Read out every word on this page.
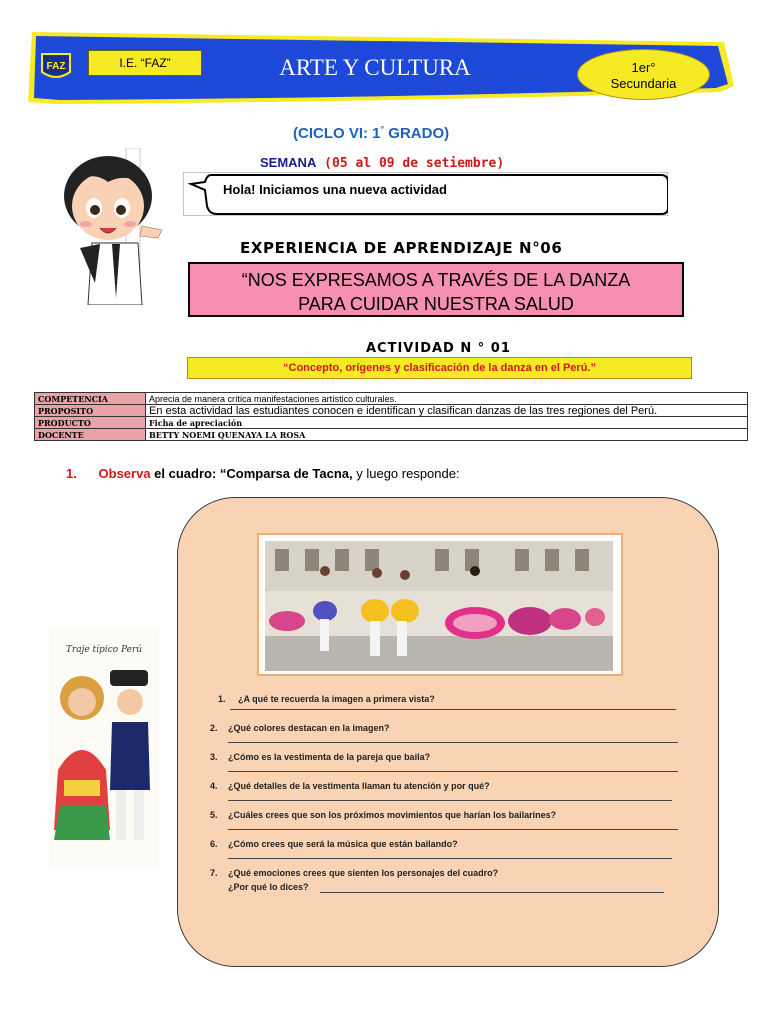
FAZ	I.E. “FAZ”	ARTE Y CULTURA	1er°
Secundaria
(CICLO VI: 1° GRADO)
SEMANA (05 al 09 de setiembre)
Hola! Iniciamos una nueva actividad
EXPERIENCIA DE APRENDIZAJE N°06
“NOS EXPRESAMOS A TRAVÉS DE LA DANZA
PARA CUIDAR NUESTRA SALUD
ACTIVIDAD N ° 01
“Concepto, orígenes y clasificación de la danza en el Perú.”
COMPETENCIA	Aprecia de manera crítica manifestaciones artístico culturales.
PROPOSITO	En esta actividad las estudiantes conocen e identifican y clasifican danzas de las tres regiones del Perú.
PRODUCTO	Ficha de apreciación
DOCENTE	BETTY NOEMI QUENAYA LA ROSA
1. Observa el cuadro: “Comparsa de Tacna, y luego responde:
Traje típico Perú
1. ¿A qué te recuerda la imagen a primera vista?
2. ¿Qué colores destacan en la imagen?
3. ¿Cómo es la vestimenta de la pareja que baila?
4. ¿Qué detalles de la vestimenta llaman tu atención y por qué?
5. ¿Cuáles crees que son los próximos movimientos que harían los bailarines?
6. ¿Cómo crees que será la música que están bailando?
7. ¿Qué emociones crees que sienten los personajes del cuadro?
¿Por qué lo dices?
